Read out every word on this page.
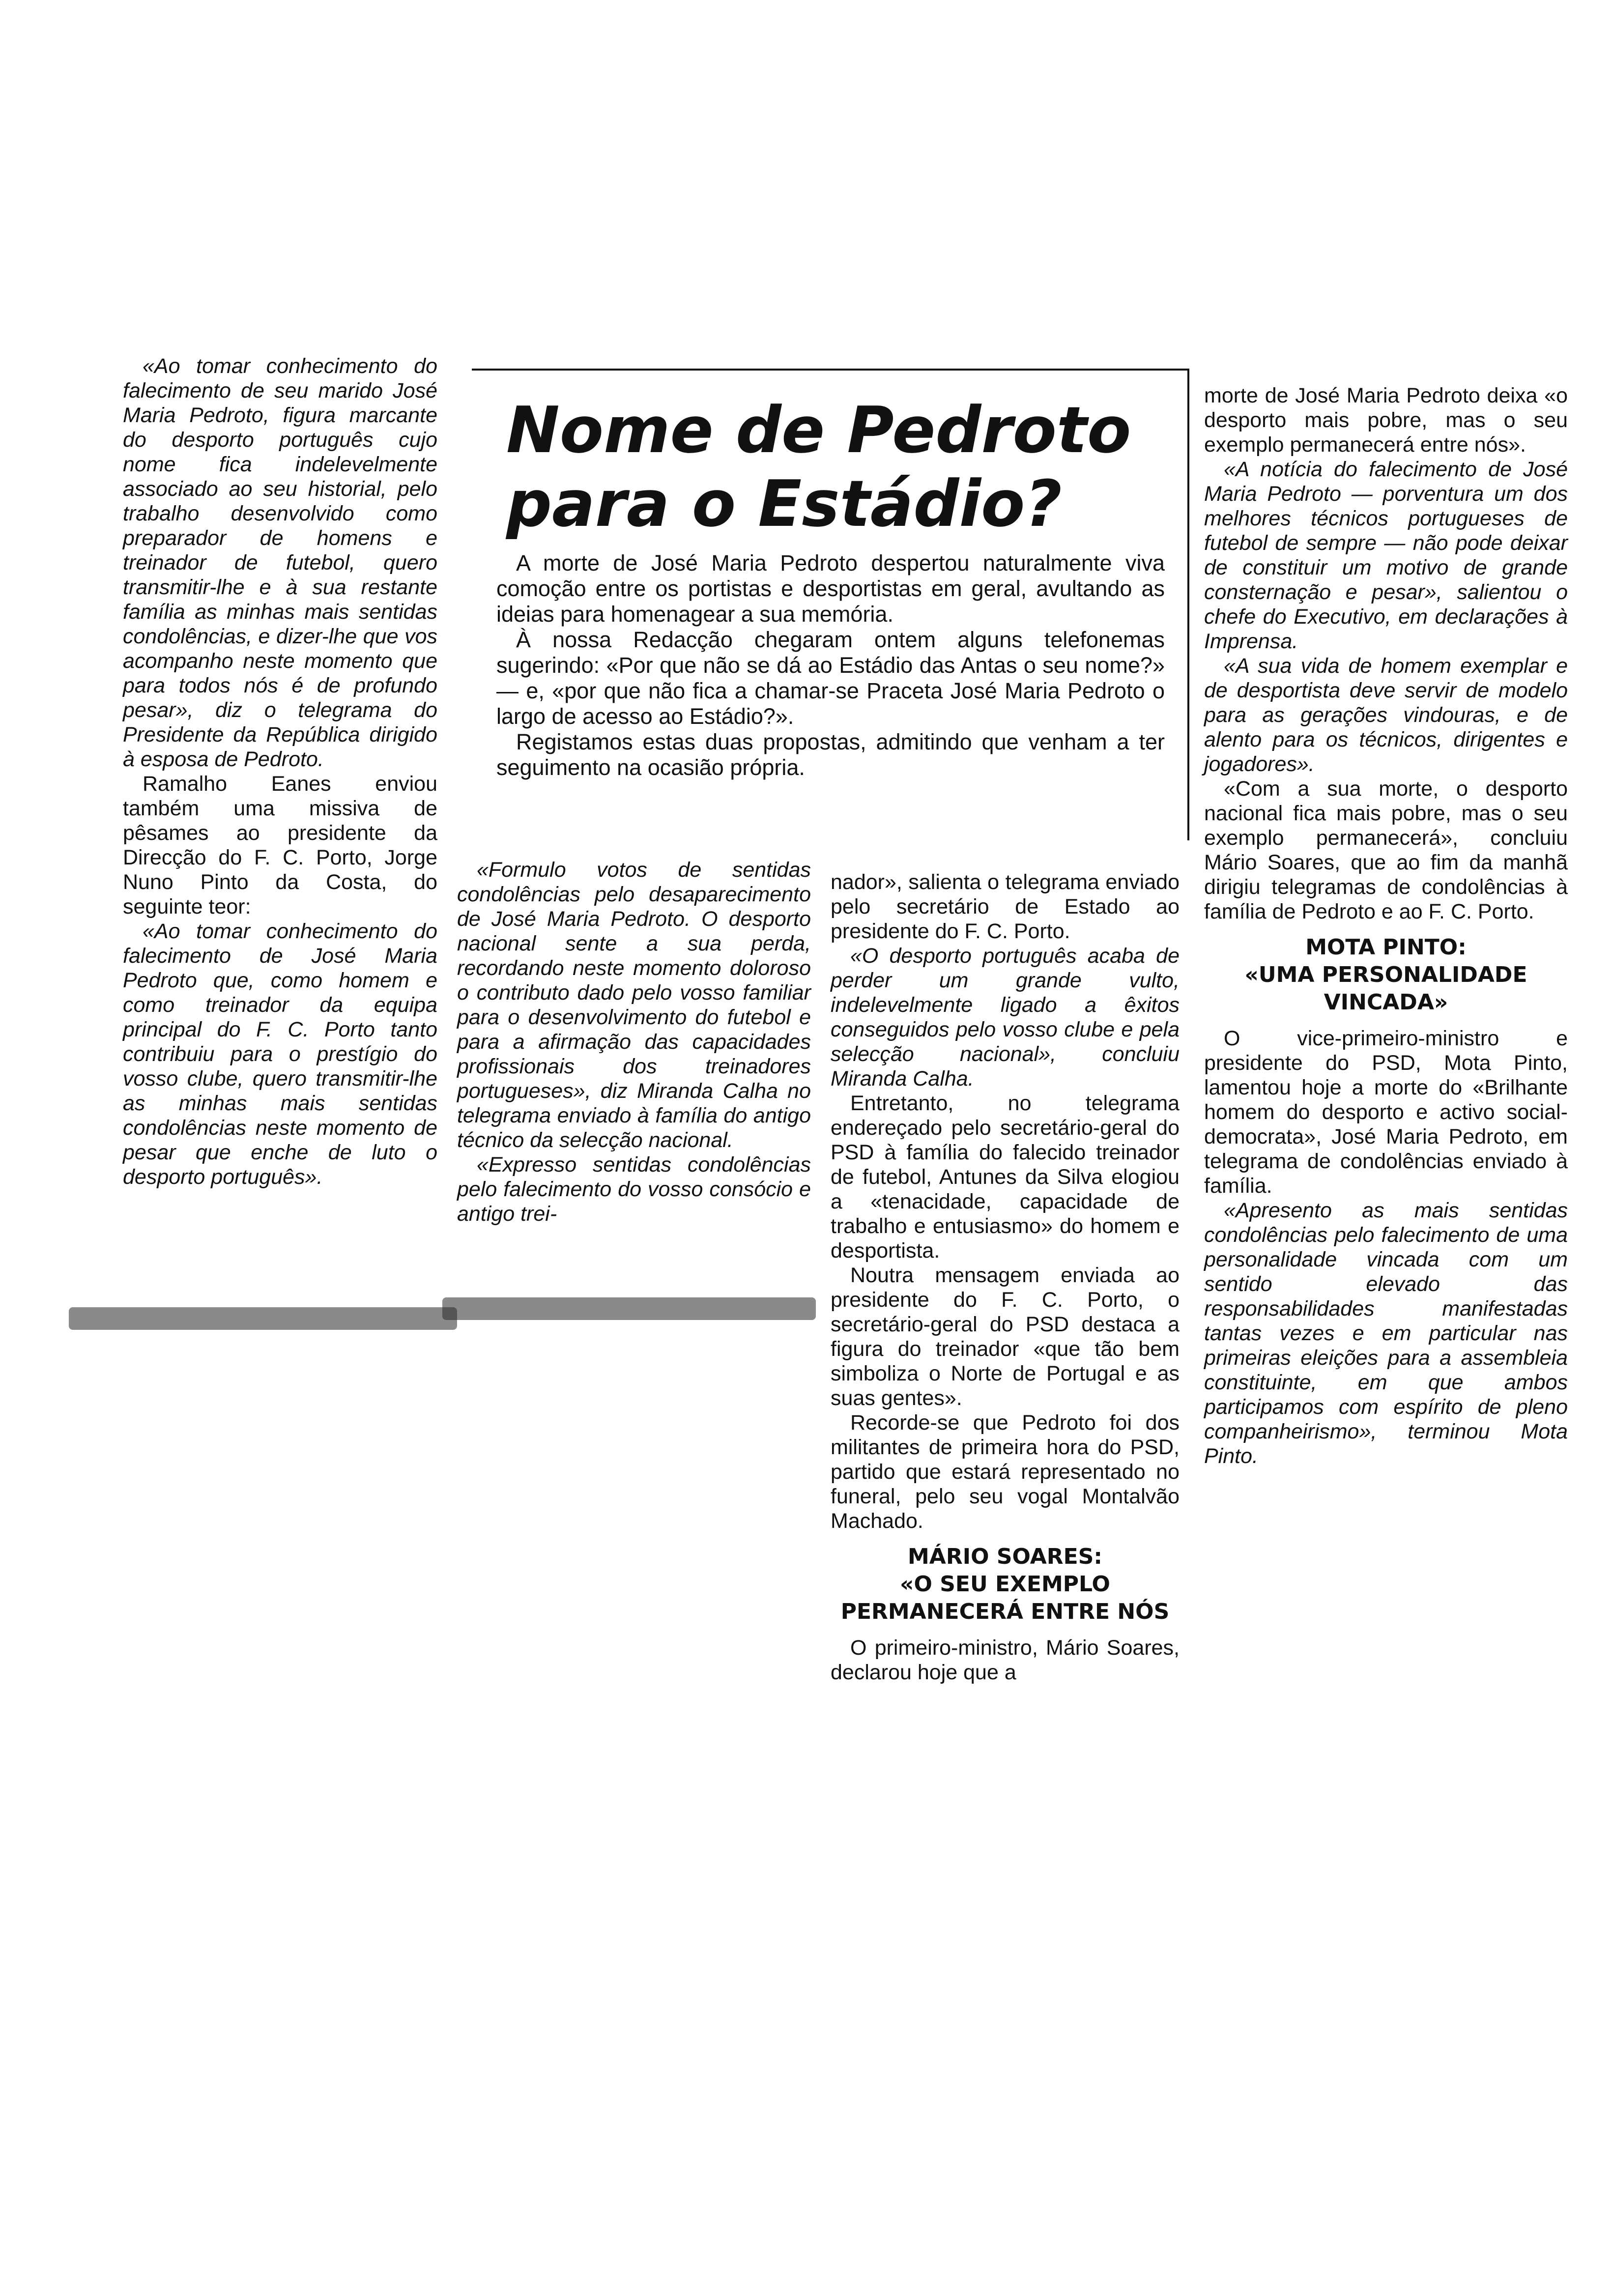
«Ao tomar conhecimento do falecimento de seu marido José Maria Pedroto, figura marcante do desporto português cujo nome fica indelevelmente associado ao seu historial, pelo trabalho desenvolvido como preparador de homens e treinador de futebol, quero transmitir-lhe e à sua restante família as minhas mais sentidas condolências, e dizer-lhe que vos acompanho neste momento que para todos nós é de profundo pesar», diz o telegrama do Presidente da República dirigido à esposa de Pedroto.

Ramalho Eanes enviou também uma missiva de pêsames ao presidente da Direcção do F. C. Porto, Jorge Nuno Pinto da Costa, do seguinte teor:

«Ao tomar conhecimento do falecimento de José Maria Pedroto que, como homem e como treinador da equipa principal do F. C. Porto tanto contribuiu para o prestígio do vosso clube, quero transmitir-lhe as minhas mais sentidas condolências neste momento de pesar que enche de luto o desporto português».

Nome de Pedroto
para o Estádio?

A morte de José Maria Pedroto despertou naturalmente viva comoção entre os portistas e desportistas em geral, avultando as ideias para homenagear a sua memória.

À nossa Redacção chegaram ontem alguns telefonemas sugerindo: «Por que não se dá ao Estádio das Antas o seu nome?» — e, «por que não fica a chamar-se Praceta José Maria Pedroto o largo de acesso ao Estádio?».

Registamos estas duas propostas, admitindo que venham a ter seguimento na ocasião própria.

«Formulo votos de sentidas condolências pelo desaparecimento de José Maria Pedroto. O desporto nacional sente a sua perda, recordando neste momento doloroso o contributo dado pelo vosso familiar para o desenvolvimento do futebol e para a afirmação das capacidades profissionais dos treinadores portugueses», diz Miranda Calha no telegrama enviado à família do antigo técnico da selecção nacional.

«Expresso sentidas condolências pelo falecimento do vosso consócio e antigo trei-

nador», salienta o telegrama enviado pelo secretário de Estado ao presidente do F. C. Porto.

«O desporto português acaba de perder um grande vulto, indelevelmente ligado a êxitos conseguidos pelo vosso clube e pela selecção nacional», concluiu Miranda Calha.

Entretanto, no telegrama endereçado pelo secretário-geral do PSD à família do falecido treinador de futebol, Antunes da Silva elogiou a «tenacidade, capacidade de trabalho e entusiasmo» do homem e desportista.

Noutra mensagem enviada ao presidente do F. C. Porto, o secretário-geral do PSD destaca a figura do treinador «que tão bem simboliza o Norte de Portugal e as suas gentes».

Recorde-se que Pedroto foi dos militantes de primeira hora do PSD, partido que estará representado no funeral, pelo seu vogal Montalvão Machado.

MÁRIO SOARES:
«O SEU EXEMPLO
PERMANECERÁ ENTRE NÓS

O primeiro-ministro, Mário Soares, declarou hoje que a

morte de José Maria Pedroto deixa «o desporto mais pobre, mas o seu exemplo permanecerá entre nós».

«A notícia do falecimento de José Maria Pedroto — porventura um dos melhores técnicos portugueses de futebol de sempre — não pode deixar de constituir um motivo de grande consternação e pesar», salientou o chefe do Executivo, em declarações à Imprensa.

«A sua vida de homem exemplar e de desportista deve servir de modelo para as gerações vindouras, e de alento para os técnicos, dirigentes e jogadores».

«Com a sua morte, o desporto nacional fica mais pobre, mas o seu exemplo permanecerá», concluiu Mário Soares, que ao fim da manhã dirigiu telegramas de condolências à família de Pedroto e ao F. C. Porto.

MOTA PINTO:
«UMA PERSONALIDADE
VINCADA»

O vice-primeiro-ministro e presidente do PSD, Mota Pinto, lamentou hoje a morte do «Brilhante homem do desporto e activo social-democrata», José Maria Pedroto, em telegrama de condolências enviado à família.

«Apresento as mais sentidas condolências pelo falecimento de uma personalidade vincada com um sentido elevado das responsabilidades manifestadas tantas vezes e em particular nas primeiras eleições para a assembleia constituinte, em que ambos participamos com espírito de pleno companheirismo», terminou Mota Pinto.
